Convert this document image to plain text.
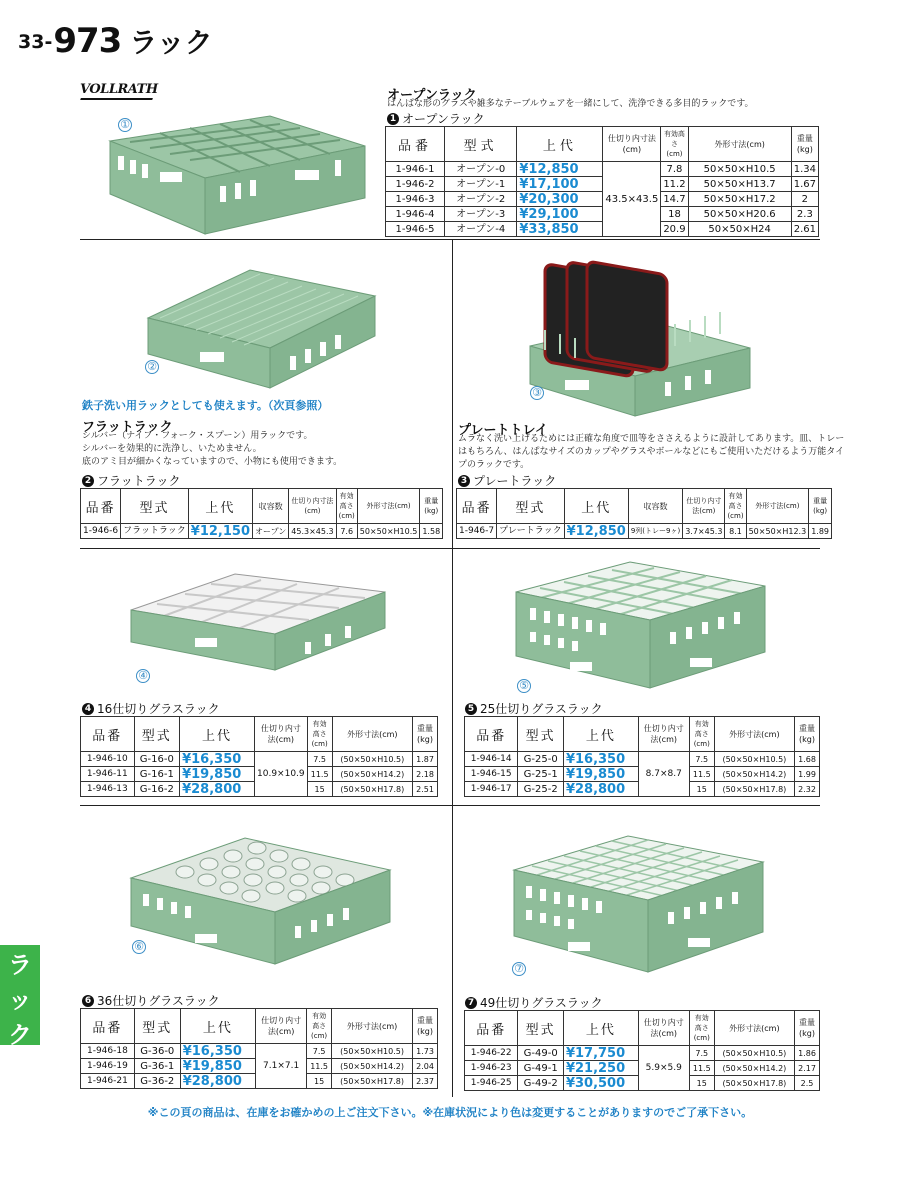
33- 973 ラック
ラ
ッ
ク
VOLLRATH
①
オープンラック
はんぱな形のグラスや雑多なテーブルウェアを一緒にして、洗浄できる多目的ラックです。
1 オープンラック
品番	型式	上代	仕切り内寸法(cm)	有効高さ(cm)	外形寸法(cm)	重量(kg)
1-946-1	オープン-0	¥12,850	43.5×43.5	7.8	50×50×H10.5	1.34
1-946-2	オープン-1	¥17,100		11.2	50×50×H13.7	1.67
1-946-3	オープン-2	¥20,300		14.7	50×50×H17.2	2
1-946-4	オープン-3	¥29,100		18	50×50×H20.6	2.3
1-946-5	オープン-4	¥33,850		20.9	50×50×H24	2.61
②
鉄子洗い用ラックとしても使えます。（次頁参照）
フラットラック
シルバー（ナイフ・フォーク・スプーン）用ラックです。
シルバーを効果的に洗浄し、いためません。
底のアミ目が細かくなっていますので、小物にも使用できます。
2 フラットラック
品番	型式	上代	収容数	仕切り内寸法(cm)	有効高さ(cm)	外形寸法(cm)	重量(kg)
1-946-6	フラットラック	¥12,150	オープン	45.3×45.3	7.6	50×50×H10.5	1.58
③
プレートトレイ
ムラなく洗い上げるためには正確な角度で皿等をささえるように設計してあります。皿、トレー
はもちろん、はんぱなサイズのカップやグラスやボールなどにもご使用いただけるよう万能タイ
プのラックです。
3 プレートラック
品番	型式	上代	収容数	仕切り内寸法(cm)	有効高さ(cm)	外形寸法(cm)	重量(kg)
1-946-7	プレートラック	¥12,850	9列(トレー9ヶ)	3.7×45.3	8.1	50×50×H12.3	1.89
④
4 16仕切りグラスラック
品番	型式	上代	仕切り内寸法(cm)	有効高さ(cm)	外形寸法(cm)	重量(kg)
1-946-10	G-16-0	¥16,350	10.9×10.9	7.5	(50×50×H10.5)	1.87
1-946-11	G-16-1	¥19,850		11.5	(50×50×H14.2)	2.18
1-946-13	G-16-2	¥28,800		15	(50×50×H17.8)	2.51
⑤
5 25仕切りグラスラック
品番	型式	上代	仕切り内寸法(cm)	有効高さ(cm)	外形寸法(cm)	重量(kg)
1-946-14	G-25-0	¥16,350	8.7×8.7	7.5	(50×50×H10.5)	1.68
1-946-15	G-25-1	¥19,850		11.5	(50×50×H14.2)	1.99
1-946-17	G-25-2	¥28,800		15	(50×50×H17.8)	2.32
⑥
6 36仕切りグラスラック
品番	型式	上代	仕切り内寸法(cm)	有効高さ(cm)	外形寸法(cm)	重量(kg)
1-946-18	G-36-0	¥16,350	7.1×7.1	7.5	(50×50×H10.5)	1.73
1-946-19	G-36-1	¥19,850		11.5	(50×50×H14.2)	2.04
1-946-21	G-36-2	¥28,800		15	(50×50×H17.8)	2.37
⑦
7 49仕切りグラスラック
品番	型式	上代	仕切り内寸法(cm)	有効高さ(cm)	外形寸法(cm)	重量(kg)
1-946-22	G-49-0	¥17,750	5.9×5.9	7.5	(50×50×H10.5)	1.86
1-946-23	G-49-1	¥21,250		11.5	(50×50×H14.2)	2.17
1-946-25	G-49-2	¥30,500		15	(50×50×H17.8)	2.5
※この頁の商品は、在庫をお確かめの上ご注文下さい。※在庫状況により色は変更することがありますのでご了承下さい。
